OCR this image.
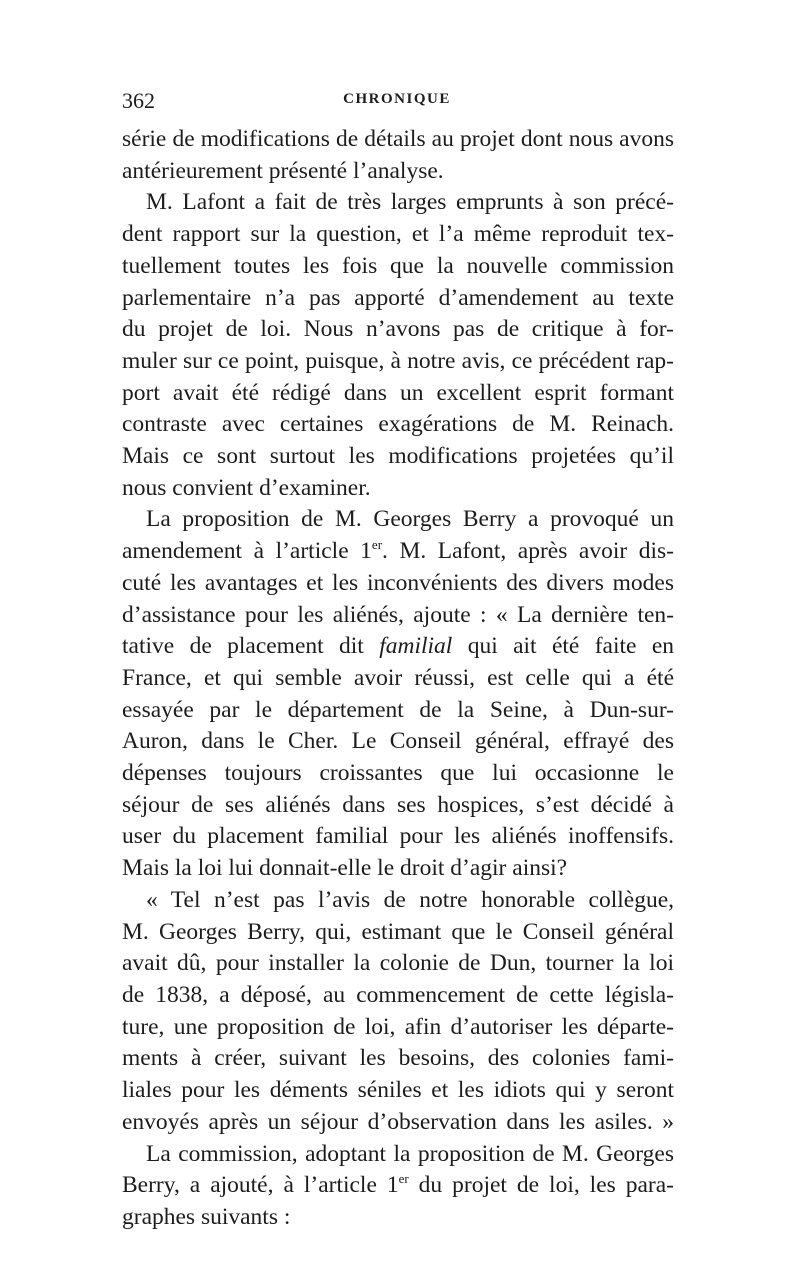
362	CHRONIQUE
série de modifications de détails au projet dont nous avons
antérieurement présenté l’analyse.
M. Lafont a fait de très larges emprunts à son précé-
dent rapport sur la question, et l’a même reproduit tex-
tuellement toutes les fois que la nouvelle commission
parlementaire n’a pas apporté d’amendement au texte
du projet de loi. Nous n’avons pas de critique à for-
muler sur ce point, puisque, à notre avis, ce précédent rap-
port avait été rédigé dans un excellent esprit formant
contraste avec certaines exagérations de M. Reinach.
Mais ce sont surtout les modifications projetées qu’il
nous convient d’examiner.
La proposition de M. Georges Berry a provoqué un
amendement à l’article 1er. M. Lafont, après avoir dis-
cuté les avantages et les inconvénients des divers modes
d’assistance pour les aliénés, ajoute : « La dernière ten-
tative de placement dit familial qui ait été faite en
France, et qui semble avoir réussi, est celle qui a été
essayée par le département de la Seine, à Dun-sur-
Auron, dans le Cher. Le Conseil général, effrayé des
dépenses toujours croissantes que lui occasionne le
séjour de ses aliénés dans ses hospices, s’est décidé à
user du placement familial pour les aliénés inoffensifs.
Mais la loi lui donnait-elle le droit d’agir ainsi?
« Tel n’est pas l’avis de notre honorable collègue,
M. Georges Berry, qui, estimant que le Conseil général
avait dû, pour installer la colonie de Dun, tourner la loi
de 1838, a déposé, au commencement de cette législa-
ture, une proposition de loi, afin d’autoriser les départe-
ments à créer, suivant les besoins, des colonies fami-
liales pour les déments séniles et les idiots qui y seront
envoyés après un séjour d’observation dans les asiles. »
La commission, adoptant la proposition de M. Georges
Berry, a ajouté, à l’article 1er du projet de loi, les para-
graphes suivants :
